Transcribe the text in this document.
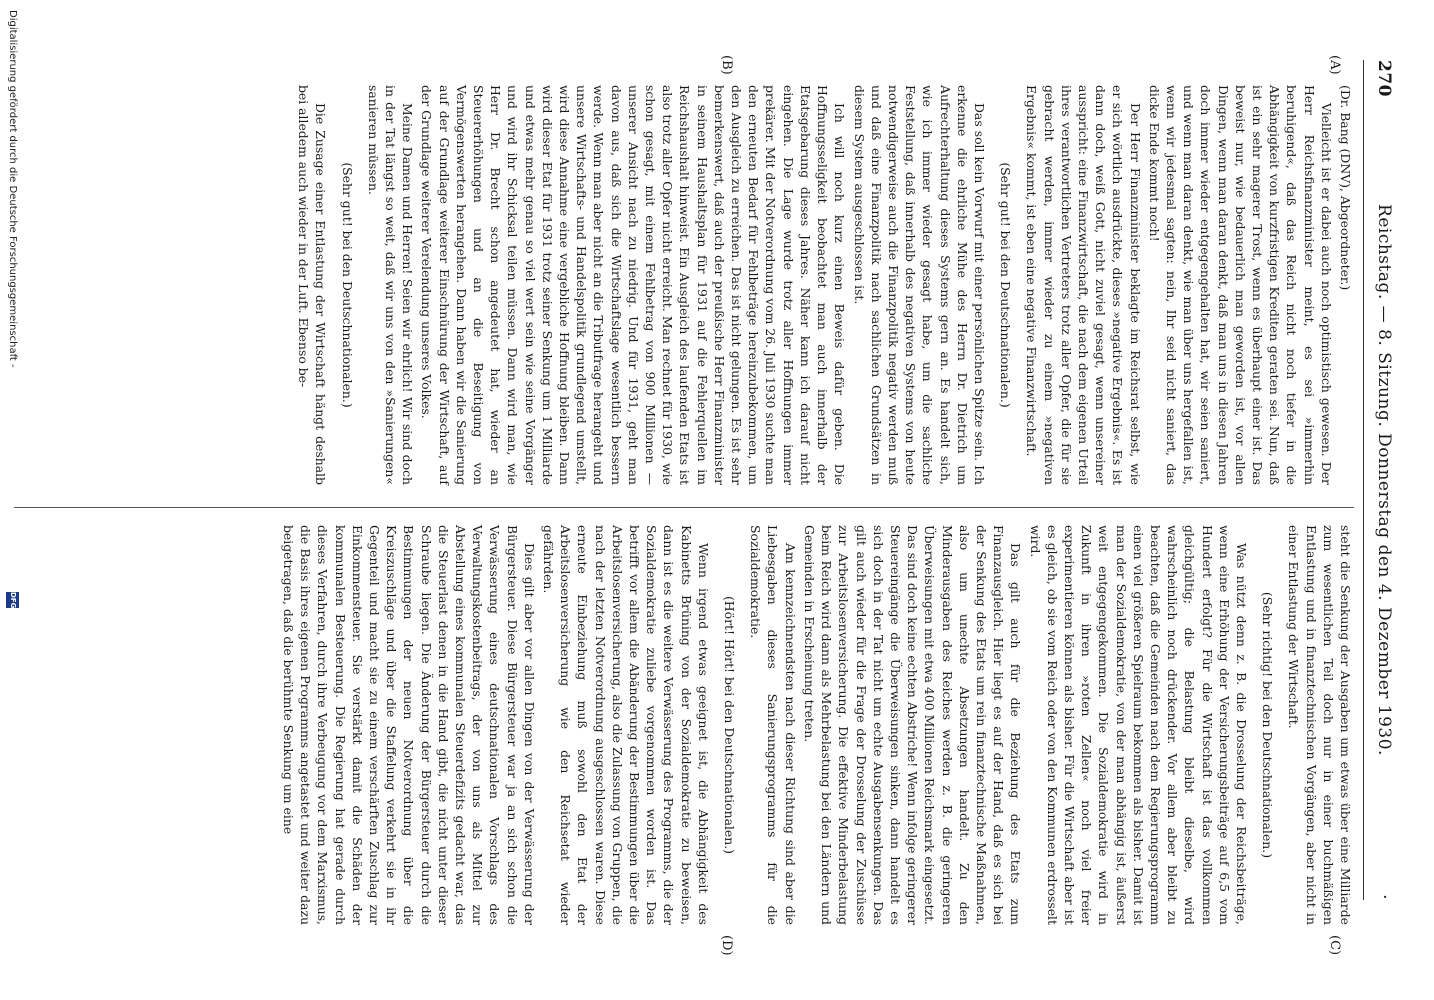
270
Reichstag. — 8. Sitzung. Donnerstag den 4. Dezember 1930.
·
(A)
(B)
(C)
(D)

(Dr. Bang (DNV), Abgeordneter.)

Vielleicht ist er dabei auch noch optimistisch gewesen. Der Herr Reichsfinanzminister meint, es sei »immerhin beruhigend«, daß das Reich nicht noch tiefer in die Abhängigkeit von kurzfristigen Krediten geraten sei. Nun, daß ist ein sehr magerer Trost, wenn es überhaupt einer ist. Das beweist nur, wie bedauerlich man geworden ist, vor allen Dingen, wenn man daran denkt, daß man uns in diesen Jahren doch immer wieder entgegengehalten hat, wir seien saniert, und wenn man daran denkt, wie man über uns hergefallen ist, wenn wir jedesmal sagten: nein, Ihr seid nicht saniert, das dicke Ende kommt noch!

Der Herr Finanzminister beklagte im Reichsrat selbst, wie er sich wörtlich ausdrückte, dieses »negative Ergebnis«. Es ist dann doch, weiß Gott, nicht zuviel gesagt, wenn unsereiner ausspricht: eine Finanzwirtschaft, die nach dem eigenen Urteil ihres verantwortlichen Vertreters trotz aller Opfer, die für sie gebracht werden, immer wieder zu einem »negativen Ergebnis« kommt, ist eben eine negative Finanzwirtschaft.

(Sehr gut! bei den Deutschnationalen.)

Das soll kein Vorwurf mit einer persönlichen Spitze sein. Ich erkenne die ehrliche Mühe des Herrn Dr. Dietrich um Aufrechterhaltung dieses Systems gern an. Es handelt sich, wie ich immer wieder gesagt habe, um die sachliche Feststellung, daß innerhalb des negativen Systems von heute notwendigerweise auch die Finanzpolitik negativ werden muß und daß eine Finanzpolitik nach sachlichen Grundsätzen in diesem System ausgeschlossen ist.

Ich will noch kurz einen Beweis dafür geben. Die Hoffnungsseligkeit beobachtet man auch innerhalb der Etatsgebarung dieses Jahres. Näher kann ich darauf nicht eingehen. Die Lage wurde trotz aller Hoffnungen immer prekärer. Mit der Notverordnung vom 26. Juli 1930 suchte man den erneuten Bedarf für Fehlbeträge hereinzubekommen, um den Ausgleich zu erreichen. Das ist nicht gelungen. Es ist sehr bemerkenswert, daß auch der preußische Herr Finanzminister in seinem Haushaltsplan für 1931 auf die Fehlerquellen im Reichshaushalt hinweist. Ein Ausgleich des laufenden Etats ist also trotz aller Opfer nicht erreicht. Man rechnet für 1930, wie schon gesagt, mit einem Fehlbetrag von 900 Millionen — unserer Ansicht nach zu niedrig. Und für 1931, geht man davon aus, daß sich die Wirtschaftslage wesentlich bessern werde. Wenn man aber nicht an die Tributfrage herangeht und unsere Wirtschafts- und Handelspolitik grundlegend umstellt, wird diese Annahme eine vergebliche Hoffnung bleiben. Dann wird dieser Etat für 1931 trotz seiner Senkung um 1 Milliarde und etwas mehr genau so viel wert sein wie seine Vorgänger und wird ihr Schicksal teilen müssen. Dann wird man, wie Herr Dr. Brecht schon angedeutet hat, wieder an Steuererhöhungen und an die Beseitigung von Vermögenswerten herangehen. Dann haben wir die Sanierung auf der Grundlage weiterer Einschnürung der Wirtschaft, auf der Grundlage weiterer Verelendung unseres Volkes.

Meine Damen und Herren! Seien wir ehrlich! Wir sind doch in der Tat längst so weit, daß wir uns von den »Sanierungen« sanieren müssen.

(Sehr gut! bei den Deutschnationalen.)

Die Zusage einer Entlastung der Wirtschaft hängt deshalb bei alledem auch wieder in der Luft. Ebenso be-

steht die Senkung der Ausgaben um etwas über eine Milliarde zum wesentlichen Teil doch nur in einer buchmäßigen Entlastung und in finanztechnischen Vorgängen, aber nicht in einer Entlastung der Wirtschaft.

(Sehr richtig! bei den Deutschnationalen.)

Was nützt denn z. B. die Drosselung der Reichsbeiträge, wenn eine Erhöhung der Versicherungsbeiträge auf 6,5 vom Hundert erfolgt? Für die Wirtschaft ist das vollkommen gleichgültig; die Belastung bleibt dieselbe, wird wahrscheinlich noch drückender. Vor allem aber bleibt zu beachten, daß die Gemeinden nach dem Regierungsprogramm einen viel größeren Spielraum bekommen als bisher. Damit ist man der Sozialdemokratie, von der man abhängig ist, äußerst weit entgegengekommen. Die Sozialdemokratie wird in Zukunft in ihren »roten Zellen« noch viel freier experimentieren können als bisher. Für die Wirtschaft aber ist es gleich, ob sie vom Reich oder von den Kommunen erdrosselt wird.

Das gilt auch für die Beziehung des Etats zum Finanzausgleich. Hier liegt es auf der Hand, daß es sich bei der Senkung des Etats um rein finanztechnische Maßnahmen, also um unechte Absetzungen handelt. Zu den Minderausgaben des Reiches werden z. B. die geringeren Überweisungen mit etwa 400 Millionen Reichsmark eingesetzt. Das sind doch keine echten Abstriche! Wenn infolge geringerer Steuereingänge die Überweisungen sinken, dann handelt es sich doch in der Tat nicht um echte Ausgabensenkungen. Das gilt auch wieder für die Frage der Drosselung der Zuschüsse zur Arbeitslosenversicherung. Die effektive Minderbelastung beim Reich wird dann als Mehrbelastung bei den Ländern und Gemeinden in Erscheinung treten.

Am kennzeichnendsten nach dieser Richtung sind aber die Liebesgaben dieses Sanierungsprogramms für die Sozialdemokratie.

(Hört! Hört! bei den Deutschnationalen.)

Wenn irgend etwas geeignet ist, die Abhängigkeit des Kabinetts Brüning von der Sozialdemokratie zu beweisen, dann ist es die weitere Verwässerung des Programms, die der Sozialdemokratie zuliebe vorgenommen worden ist. Das betrifft vor allem die Abänderung der Bestimmungen über die Arbeitslosenversicherung, also die Zulassung von Gruppen, die nach der letzten Notverordnung ausgeschlossen waren. Diese erneute Einbeziehung muß sowohl den Etat der Arbeitslosenversicherung wie den Reichsetat wieder gefährden.

Dies gilt aber vor allen Dingen von der Verwässerung der Bürgersteuer. Diese Bürgersteuer war ja an sich schon die Verwässerung eines deutschnationalen Vorschlags des Verwaltungskostenbeitrags, der von uns als Mittel zur Abstellung eines kommunalen Steuerdefizits gedacht war, das die Steuerlast denen in die Hand gibt, die nicht unter dieser Schraube liegen. Die Änderung der Bürgersteuer durch die Bestimmungen der neuen Notverordnung über die Kreiszuschläge und über die Staffelung verkehrt sie in ihr Gegenteil und macht sie zu einem verschärften Zuschlag zur Einkommensteuer. Sie verstärkt damit die Schäden der kommunalen Besteuerung. Die Regierung hat gerade durch dieses Verfahren, durch ihre Verbeugung vor dem Marxismus, die Basis ihres eigenen Programms angetastet und weiter dazu beigetragen, daß die berühmte Senkung um eine

Digitalisierung gefördert durch die Deutsche Forschungsgemeinschaft -
DFG
